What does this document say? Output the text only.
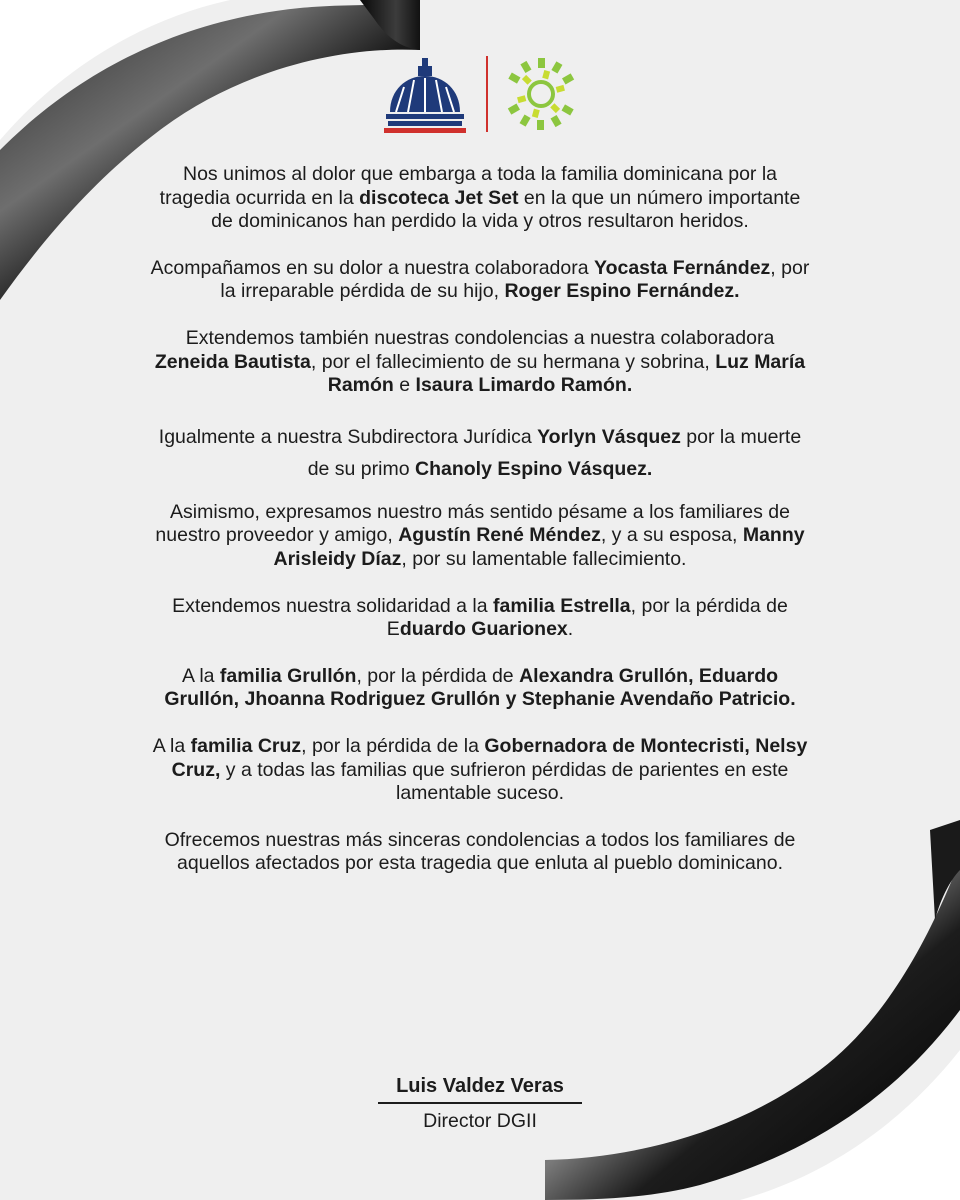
Nos unimos al dolor que embarga a toda la familia dominicana por la tragedia ocurrida en la discoteca Jet Set en la que un número importante de dominicanos han perdido la vida y otros resultaron heridos.

Acompañamos en su dolor a nuestra colaboradora Yocasta Fernández, por la irreparable pérdida de su hijo, Roger Espino Fernández.

Extendemos también nuestras condolencias a nuestra colaboradora Zeneida Bautista, por el fallecimiento de su hermana y sobrina, Luz María Ramón e Isaura Limardo Ramón.

Igualmente a nuestra Subdirectora Jurídica Yorlyn Vásquez por la muerte de su primo Chanoly Espino Vásquez.

Asimismo, expresamos nuestro más sentido pésame a los familiares de nuestro proveedor y amigo, Agustín René Méndez, y a su esposa, Manny Arisleidy Díaz, por su lamentable fallecimiento.

Extendemos nuestra solidaridad a la familia Estrella, por la pérdida de Eduardo Guarionex.

A la familia Grullón, por la pérdida de Alexandra Grullón, Eduardo Grullón, Jhoanna Rodriguez Grullón y Stephanie Avendaño Patricio.

A la familia Cruz, por la pérdida de la Gobernadora de Montecristi, Nelsy Cruz, y a todas las familias que sufrieron pérdidas de parientes en este lamentable suceso.

Ofrecemos nuestras más sinceras condolencias a todos los familiares de aquellos afectados por esta tragedia que enluta al pueblo dominicano.

Luis Valdez Veras
Director DGII
